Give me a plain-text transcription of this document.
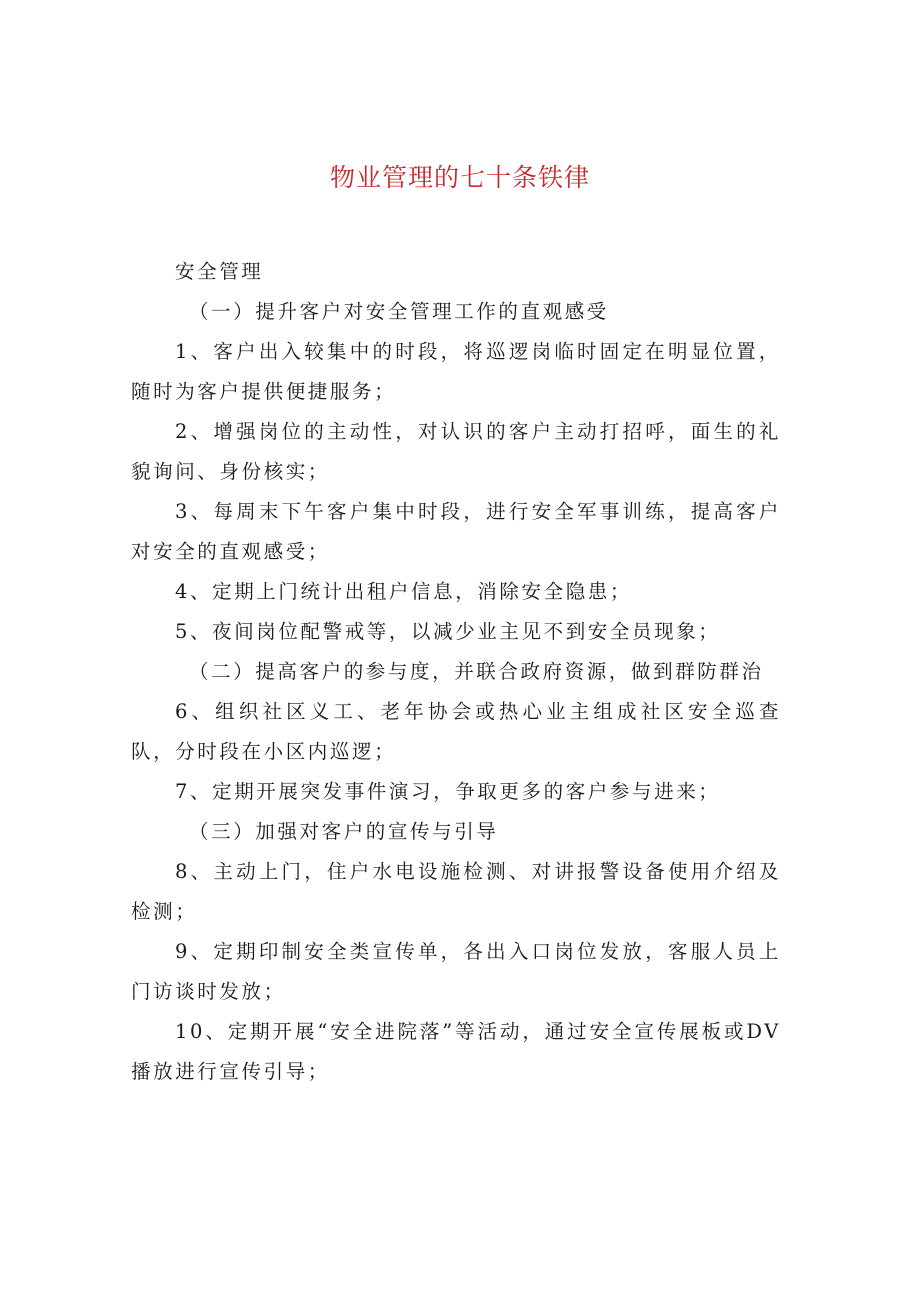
物业管理的七十条铁律

安全管理

（一）提升客户对安全管理工作的直观感受

1、客户出入较集中的时段，将巡逻岗临时固定在明显位置，随时为客户提供便捷服务；

2、增强岗位的主动性，对认识的客户主动打招呼，面生的礼貌询问、身份核实；

3、每周末下午客户集中时段，进行安全军事训练，提高客户对安全的直观感受；

4、定期上门统计出租户信息，消除安全隐患；

5、夜间岗位配警戒等，以减少业主见不到安全员现象；

（二）提高客户的参与度，并联合政府资源，做到群防群治

6、组织社区义工、老年协会或热心业主组成社区安全巡查队，分时段在小区内巡逻；

7、定期开展突发事件演习，争取更多的客户参与进来；

（三）加强对客户的宣传与引导

8、主动上门，住户水电设施检测、对讲报警设备使用介绍及检测；

9、定期印制安全类宣传单，各出入口岗位发放，客服人员上门访谈时发放；

10、定期开展“安全进院落”等活动，通过安全宣传展板或DV播放进行宣传引导；
